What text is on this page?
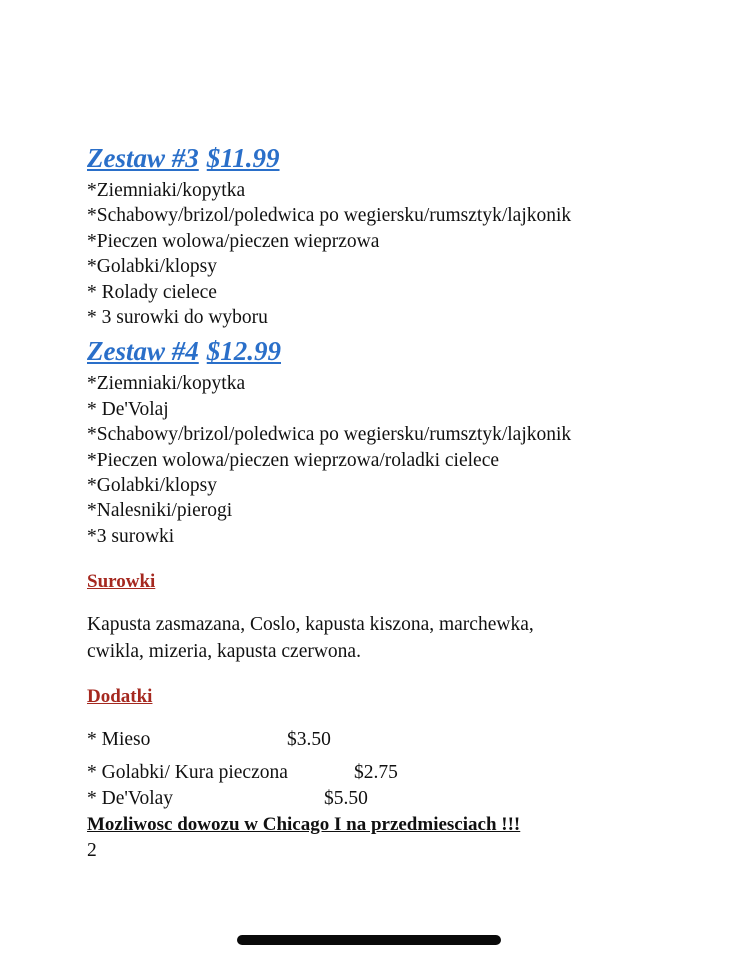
Zestaw #3 $11.99
*Ziemniaki/kopytka
*Schabowy/brizol/poledwica po wegiersku/rumsztyk/lajkonik
*Pieczen wolowa/pieczen wieprzowa
*Golabki/klopsy
* Rolady cielece
* 3 surowki do wyboru
Zestaw #4 $12.99
*Ziemniaki/kopytka
* De'Volaj
*Schabowy/brizol/poledwica po wegiersku/rumsztyk/lajkonik
*Pieczen wolowa/pieczen wieprzowa/roladki cielece
*Golabki/klopsy
*Nalesniki/pierogi
*3 surowki
Surowki
Kapusta zasmazana, Coslo, kapusta kiszona, marchewka,
cwikla, mizeria, kapusta czerwona.
Dodatki
* Mieso	$3.50
* Golabki/ Kura pieczona	$2.75
* De'Volay	$5.50
Mozliwosc dowozu w Chicago I na przedmiesciach !!!
2
